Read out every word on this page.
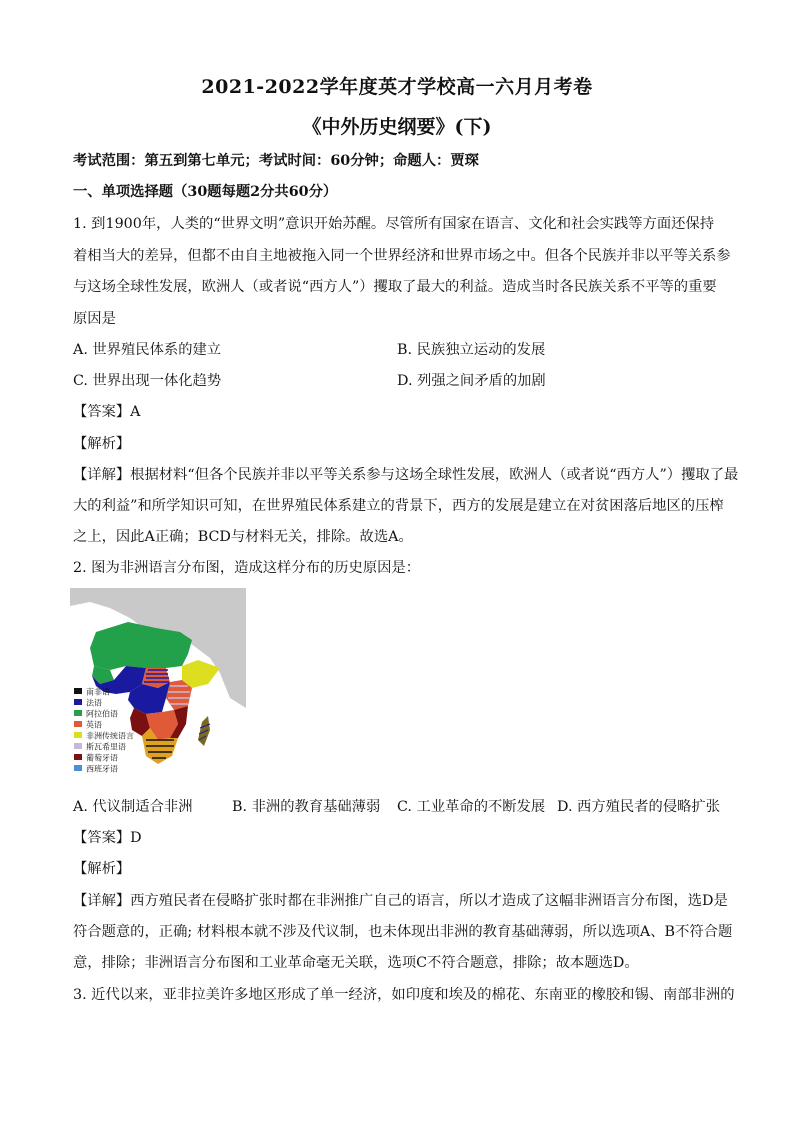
2021-2022学年度英才学校高一六月月考卷
《中外历史纲要》(下)
考试范围：第五到第七单元；考试时间：60分钟；命题人：贾琛
一、单项选择题（30题每题2分共60分）
1. 到1900年，人类的“世界文明”意识开始苏醒。尽管所有国家在语言、文化和社会实践等方面还保持
着相当大的差异，但都不由自主地被拖入同一个世界经济和世界市场之中。但各个民族并非以平等关系参
与这场全球性发展，欧洲人（或者说“西方人”）攫取了最大的利益。造成当时各民族关系不平等的重要
原因是
A. 世界殖民体系的建立	B. 民族独立运动的发展
C. 世界出现一体化趋势	D. 列强之间矛盾的加剧
【答案】A
【解析】
【详解】根据材料“但各个民族并非以平等关系参与这场全球性发展，欧洲人（或者说“西方人”）攫取了最
大的利益”和所学知识可知，在世界殖民体系建立的背景下，西方的发展是建立在对贫困落后地区的压榨
之上，因此A正确；BCD与材料无关，排除。故选A。
2. 图为非洲语言分布图，造成这样分布的历史原因是：
南非语
法语
阿拉伯语
英语
非洲传统语言
斯瓦希里语
葡萄牙语
西班牙语
A. 代议制适合非洲	B. 非洲的教育基础薄弱 C. 工业革命的不断发展 D. 西方殖民者的侵略扩张
【答案】D
【解析】
【详解】西方殖民者在侵略扩张时都在非洲推广自己的语言，所以才造成了这幅非洲语言分布图，选D是
符合题意的，正确; 材料根本就不涉及代议制，也未体现出非洲的教育基础薄弱，所以选项A、B不符合题
意，排除；非洲语言分布图和工业革命毫无关联，选项C不符合题意，排除；故本题选D。
3. 近代以来，亚非拉美许多地区形成了单一经济，如印度和埃及的棉花、东南亚的橡胶和锡、南部非洲的
